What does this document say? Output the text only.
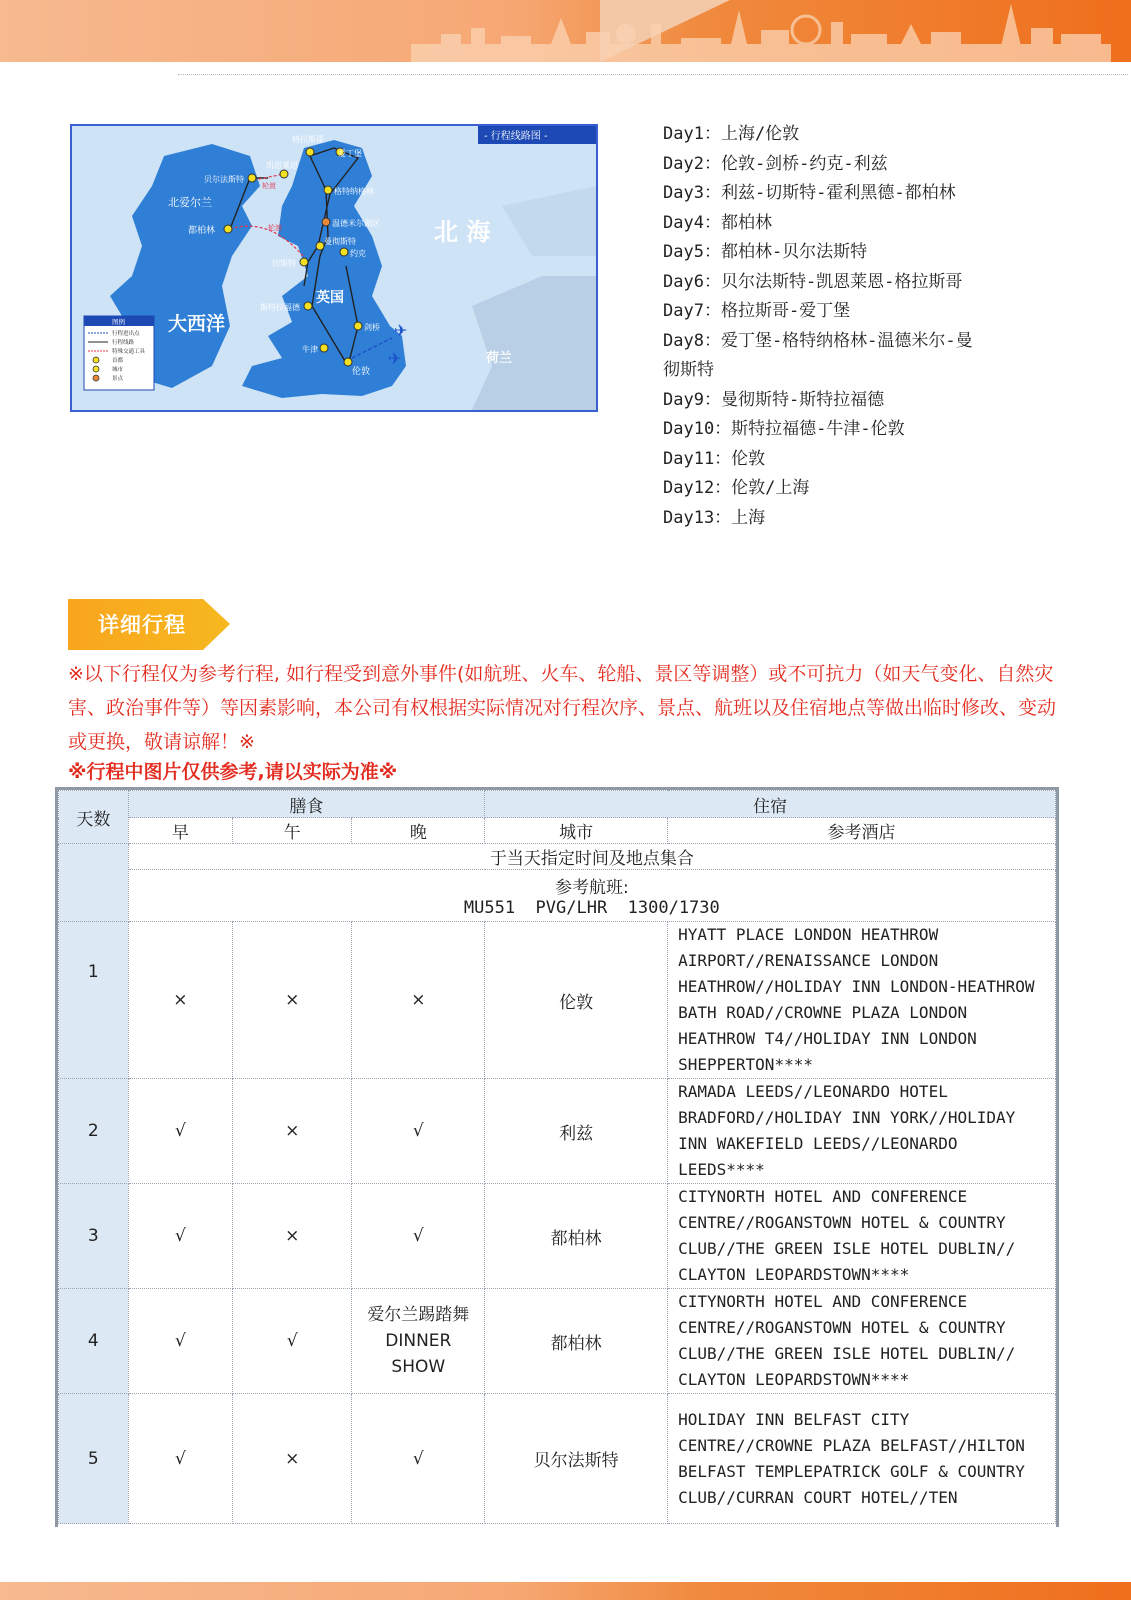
✈
✈
格拉斯哥
爱丁堡
凯恩莱恩
贝尔法斯特
格特纳格林
都柏林
温德米尔湖区
曼彻斯特
约克
切斯特
斯特拉福德
剑桥
牛津
伦敦
轮渡
轮渡
北爱尔兰
英国
北 海
大西洋
荷兰
- 行程线路图 -
图例
行程进出点
行程线路
特殊交通工具
首都
城市
景点
Day1：上海/伦敦
Day2：伦敦-剑桥-约克-利兹
Day3：利兹-切斯特-霍利黑德-都柏林
Day4：都柏林
Day5：都柏林-贝尔法斯特
Day6：贝尔法斯特-凯恩莱恩-格拉斯哥
Day7：格拉斯哥-爱丁堡
Day8：爱丁堡-格特纳格林-温德米尔-曼
彻斯特
Day9：曼彻斯特-斯特拉福德
Day10：斯特拉福德-牛津-伦敦
Day11：伦敦
Day12：伦敦/上海
Day13：上海
详细行程
※以下行程仅为参考行程, 如行程受到意外事件(如航班、火车、轮船、景区等调整）或不可抗力（如天气变化、自然灾害、政治事件等）等因素影响，本公司有权根据实际情况对行程次序、景点、航班以及住宿地点等做出临时修改、变动或更换，敬请谅解！※
※行程中图片仅供参考,请以实际为准※
天数	膳食			住宿	
	早	午	晚	城市	参考酒店
	于当天指定时间及地点集合				

	参考航班:
MU551  PVG/LHR  1300/1730				

1	×	×	×	伦敦	HYATT PLACE LONDON HEATHROW AIRPORT//RENAISSANCE LONDON HEATHROW//HOLIDAY INN LONDON-HEATHROW BATH ROAD//CROWNE PLAZA LONDON HEATHROW T4//HOLIDAY INN LONDON SHEPPERTON****
2	√	×	√	利兹	RAMADA LEEDS//LEONARDO HOTEL BRADFORD//HOLIDAY INN YORK//HOLIDAY INN WAKEFIELD LEEDS//LEONARDO LEEDS****
3	√	×	√	都柏林	CITYNORTH HOTEL AND CONFERENCE CENTRE//ROGANSTOWN HOTEL & COUNTRY CLUB//THE GREEN ISLE HOTEL DUBLIN// CLAYTON LEOPARDSTOWN****
4	√	√	爱尔兰踢踏舞DINNER SHOW	都柏林	CITYNORTH HOTEL AND CONFERENCE CENTRE//ROGANSTOWN HOTEL & COUNTRY CLUB//THE GREEN ISLE HOTEL DUBLIN// CLAYTON LEOPARDSTOWN****
5	√	×	√	贝尔法斯特	HOLIDAY INN BELFAST CITY CENTRE//CROWNE PLAZA BELFAST//HILTON BELFAST TEMPLEPATRICK GOLF & COUNTRY CLUB//CURRAN COURT HOTEL//TEN
